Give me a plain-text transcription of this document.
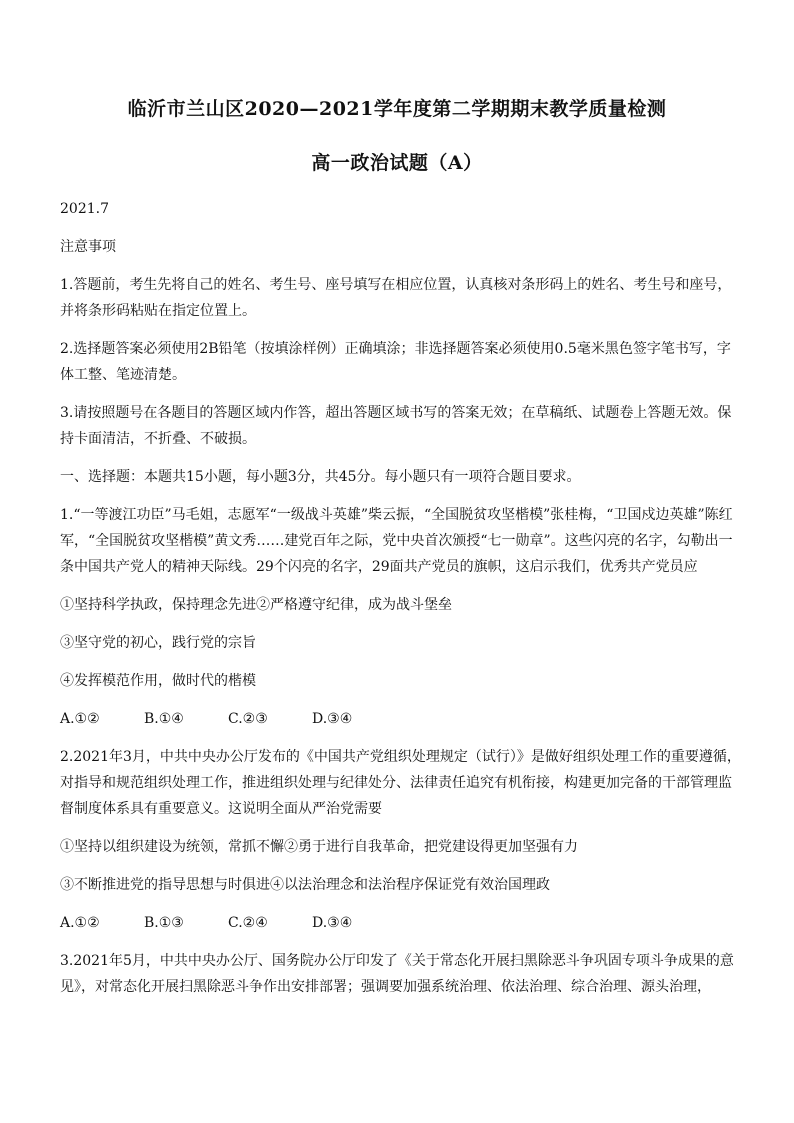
临沂市兰山区2020—2021学年度第二学期期末教学质量检测
高一政治试题（A）

2021.7

注意事项

1.答题前，考生先将自己的姓名、考生号、座号填写在相应位置，认真核对条形码上的姓名、考生号和座号，并将条形码粘贴在指定位置上。

2.选择题答案必须使用2B铅笔（按填涂样例）正确填涂；非选择题答案必须使用0.5毫米黑色签字笔书写，字体工整、笔迹清楚。

3.请按照题号在各题目的答题区域内作答，超出答题区域书写的答案无效；在草稿纸、试题卷上答题无效。保持卡面清洁，不折叠、不破损。

一、选择题：本题共15小题，每小题3分，共45分。每小题只有一项符合题目要求。

1.“一等渡江功臣”马毛姐，志愿军“一级战斗英雄”柴云振，“全国脱贫攻坚楷模”张桂梅，“卫国戍边英雄”陈红军，“全国脱贫攻坚楷模”黄文秀……建党百年之际，党中央首次颁授“七一勋章”。这些闪亮的名字，勾勒出一条中国共产党人的精神天际线。29个闪亮的名字，29面共产党员的旗帜，这启示我们，优秀共产党员应

①坚持科学执政，保持理念先进②严格遵守纪律，成为战斗堡垒

③坚守党的初心，践行党的宗旨

④发挥模范作用，做时代的楷模

A.①②	B.①④	C.②③	D.③④

2.2021年3月，中共中央办公厅发布的《中国共产党组织处理规定（试行）》是做好组织处理工作的重要遵循，对指导和规范组织处理工作，推进组织处理与纪律处分、法律责任追究有机衔接，构建更加完备的干部管理监督制度体系具有重要意义。这说明全面从严治党需要

①坚持以组织建设为统领，常抓不懈②勇于进行自我革命，把党建设得更加坚强有力

③不断推进党的指导思想与时俱进④以法治理念和法治程序保证党有效治国理政

A.①②	B.①③	C.②④	D.③④

3.2021年5月，中共中央办公厅、国务院办公厅印发了《关于常态化开展扫黑除恶斗争巩固专项斗争成果的意见》，对常态化开展扫黑除恶斗争作出安排部署；强调要加强系统治理、依法治理、综合治理、源头治理，
